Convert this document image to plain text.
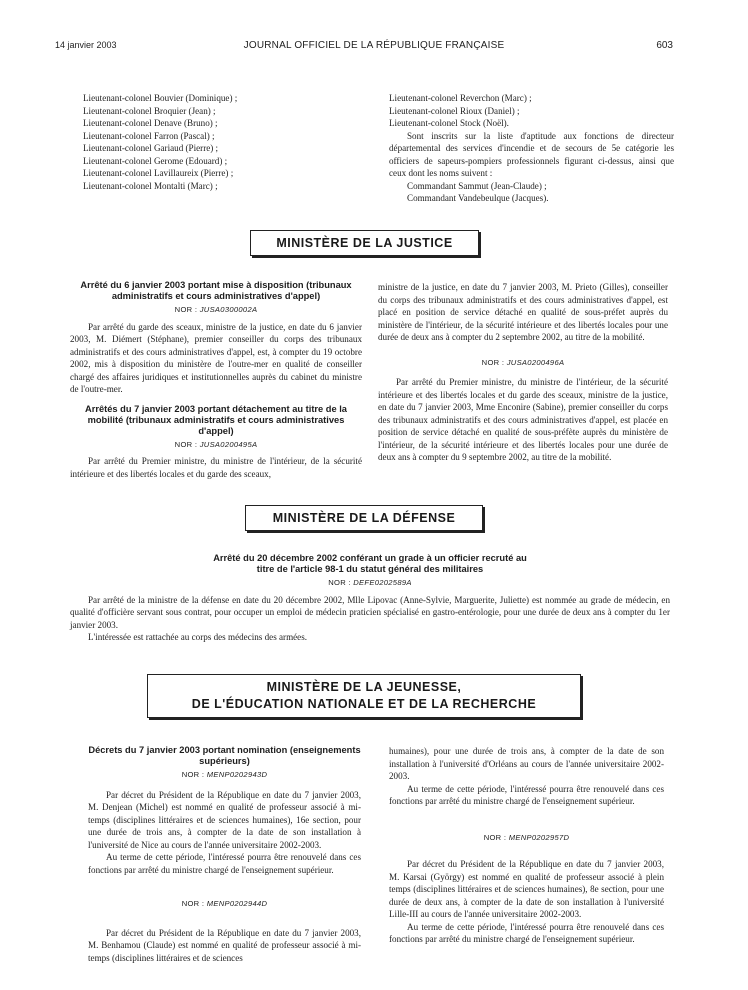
14 janvier 2003	JOURNAL OFFICIEL DE LA RÉPUBLIQUE FRANÇAISE	603

Lieutenant-colonel Bouvier (Dominique) ;

Lieutenant-colonel Broquier (Jean) ;

Lieutenant-colonel Denave (Bruno) ;

Lieutenant-colonel Farron (Pascal) ;

Lieutenant-colonel Gariaud (Pierre) ;

Lieutenant-colonel Gerome (Edouard) ;

Lieutenant-colonel Lavillaureix (Pierre) ;

Lieutenant-colonel Montalti (Marc) ;

Lieutenant-colonel Reverchon (Marc) ;

Lieutenant-colonel Rioux (Daniel) ;

Lieutenant-colonel Stock (Noël).

Sont inscrits sur la liste d'aptitude aux fonctions de directeur départemental des services d'incendie et de secours de 5e catégorie les officiers de sapeurs-pompiers professionnels figurant ci-dessus, ainsi que ceux dont les noms suivent :

Commandant Sammut (Jean-Claude) ;

Commandant Vandebeulque (Jacques).

MINISTÈRE DE LA JUSTICE
Arrêté du 6 janvier 2003 portant mise à disposition (tribunaux administratifs et cours administratives d'appel)
NOR : JUSA0300002A

Par arrêté du garde des sceaux, ministre de la justice, en date du 6 janvier 2003, M. Diémert (Stéphane), premier conseiller du corps des tribunaux administratifs et des cours administratives d'appel, est, à compter du 19 octobre 2002, mis à disposition du ministère de l'outre-mer en qualité de conseiller chargé des affaires juridiques et institutionnelles auprès du cabinet du ministre de l'outre-mer.

Arrêtés du 7 janvier 2003 portant détachement au titre de la mobilité (tribunaux administratifs et cours administratives d'appel)
NOR : JUSA0200495A

Par arrêté du Premier ministre, du ministre de l'intérieur, de la sécurité intérieure et des libertés locales et du garde des sceaux,

ministre de la justice, en date du 7 janvier 2003, M. Prieto (Gilles), conseiller du corps des tribunaux administratifs et des cours administratives d'appel, est placé en position de service détaché en qualité de sous-préfet auprès du ministère de l'intérieur, de la sécurité intérieure et des libertés locales pour une durée de deux ans à compter du 2 septembre 2002, au titre de la mobilité.

NOR : JUSA0200496A

Par arrêté du Premier ministre, du ministre de l'intérieur, de la sécurité intérieure et des libertés locales et du garde des sceaux, ministre de la justice, en date du 7 janvier 2003, Mme Enconire (Sabine), premier conseiller du corps des tribunaux administratifs et des cours administratives d'appel, est placée en position de service détaché en qualité de sous-préfète auprès du ministère de l'intérieur, de la sécurité intérieure et des libertés locales pour une durée de deux ans à compter du 9 septembre 2002, au titre de la mobilité.

MINISTÈRE DE LA DÉFENSE
Arrêté du 20 décembre 2002 conférant un grade à un officier recruté au titre de l'article 98-1 du statut général des militaires
NOR : DEFE0202589A

Par arrêté de la ministre de la défense en date du 20 décembre 2002, Mlle Lipovac (Anne-Sylvie, Marguerite, Juliette) est nommée au grade de médecin, en qualité d'officière servant sous contrat, pour occuper un emploi de médecin praticien spécialisé en gastro-entérologie, pour une durée de deux ans à compter du 1er janvier 2003.

L'intéressée est rattachée au corps des médecins des armées.

MINISTÈRE DE LA JEUNESSE,
DE L'ÉDUCATION NATIONALE ET DE LA RECHERCHE
Décrets du 7 janvier 2003 portant nomination (enseignements supérieurs)
NOR : MENP0202943D

Par décret du Président de la République en date du 7 janvier 2003, M. Denjean (Michel) est nommé en qualité de professeur associé à mi-temps (disciplines littéraires et de sciences humaines), 16e section, pour une durée de trois ans, à compter de la date de son installation à l'université de Nice au cours de l'année universitaire 2002-2003.

Au terme de cette période, l'intéressé pourra être renouvelé dans ces fonctions par arrêté du ministre chargé de l'enseignement supérieur.

NOR : MENP0202944D

Par décret du Président de la République en date du 7 janvier 2003, M. Benhamou (Claude) est nommé en qualité de professeur associé à mi-temps (disciplines littéraires et de sciences

humaines), pour une durée de trois ans, à compter de la date de son installation à l'université d'Orléans au cours de l'année universitaire 2002-2003.

Au terme de cette période, l'intéressé pourra être renouvelé dans ces fonctions par arrêté du ministre chargé de l'enseignement supérieur.

NOR : MENP0202957D

Par décret du Président de la République en date du 7 janvier 2003, M. Karsai (György) est nommé en qualité de professeur associé à plein temps (disciplines littéraires et de sciences humaines), 8e section, pour une durée de deux ans, à compter de la date de son installation à l'université Lille-III au cours de l'année universitaire 2002-2003.

Au terme de cette période, l'intéressé pourra être renouvelé dans ces fonctions par arrêté du ministre chargé de l'enseignement supérieur.
